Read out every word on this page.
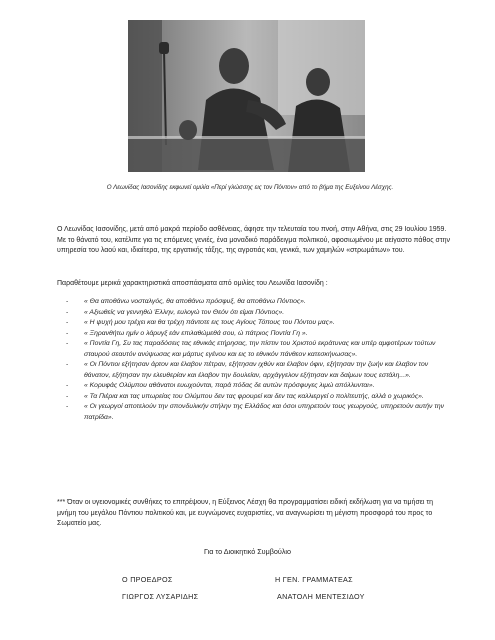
Ο Λεωνίδας Ιασονίδης εκφωνεί ομιλία «Περί γλώσσης εις τον Πόντον» από το βήμα της Ευξείνου Λέσχης.
Ο Λεωνίδας Ιασονίδης, μετά από μακρά περίοδο ασθένειας, άφησε την τελευταία του πνοή, στην Αθήνα, στις 29 Ιουλίου 1959. Με το θάνατό του, κατέλιπε για τις επόμενες γενιές, ένα μοναδικό παράδειγμα πολιτικού, αφοσιωμένου με αείγαστο πάθος στην υπηρεσία του λαού και, ιδιαίτερα, της εργατικής τάξης, της αγροτιάς και, γενικά, των χαμηλών «στρωμάτων» του.
Παραθέτουμε μερικά χαρακτηριστικά αποσπάσματα από ομιλίες του Λεωνίδα Ιασονίδη :
- « Θα αποθάνω νοσταλγός, θα αποθάνω πρόσφυξ, θα αποθάνω Πόντιος».
- « Αξιωθείς να γεννηθώ Έλλην, ευλογώ τον Θεόν ότι είμαι Πόντιος».
- « Η ψυχή μου τρέχει και θα τρέχη πάντοτε εις τους Αγίους Τόπους του Πόντου μας».
- « Ξηρανθήτω ημίν ο λάρυγξ εάν επιλαθώμεθά σου, ώ πάτριος Ποντία Γη ».
- « Ποντία Γη, Συ τας παραδόσεις τας εθνικάς ετήρησας, την πίστιν του Χριστού εκράτυνας και υπέρ αμφοτέρων τούτων σταυρού σεαυτόν ανύψωσας και μάρτυς εγένου και εις το εθνικόν πάνθεον κατεσκήνωσας».
- « Οι Πόντιοι εξήτησαν άρτον και έλαβον πέτραν, εξήτησαν ιχθύν και έλαβον όφιν, εξήτησαν την ζωήν και έλαβον τον θάνατον, εξήτησαν την ελευθερίαν και έλαβον την δουλείαν, αρχάγγελον εξήτησαν και δαίμων τους εστάλη...».
- « Κορυφάς Ολύμπου αθάνατοι ευωχούνται, παρά πόδας δε αυτών πρόσφυγες λιμώ απόλλυνται».
- « Τα Πιέρια και τας υπωρείας του Ολύμπου δεν τας φρουρεί και δεν τας καλλιεργεί ο πολίτευτής, αλλά ο χωρικός».
- « Οι γεωργοί αποτελούν την σπονδυλικήν στήλην της Ελλάδος και όσοι υπηρετούν τους γεωργούς, υπηρετούν αυτήν την πατρίδα».
*** Όταν οι υγειονομικές συνθήκες το επιτρέψουν, η Εύξεινος Λέσχη θα προγραμματίσει ειδική εκδήλωση για να τιμήσει τη μνήμη του μεγάλου Πόντιου πολιτικού και, με ευγνώμονες ευχαριστίες, να αναγνωρίσει τη μέγιστη προσφορά του προς το Σωματείο μας.
Για το Διοικητικό Συμβούλιο
Ο ΠΡΟΕΔΡΟΣ
ΓΙΩΡΓΟΣ ΛΥΣΑΡΙΔΗΣ
Η ΓΕΝ. ΓΡΑΜΜΑΤΕΑΣ
ΑΝΑΤΟΛΗ ΜΕΝΤΕΣΙΔΟΥ
